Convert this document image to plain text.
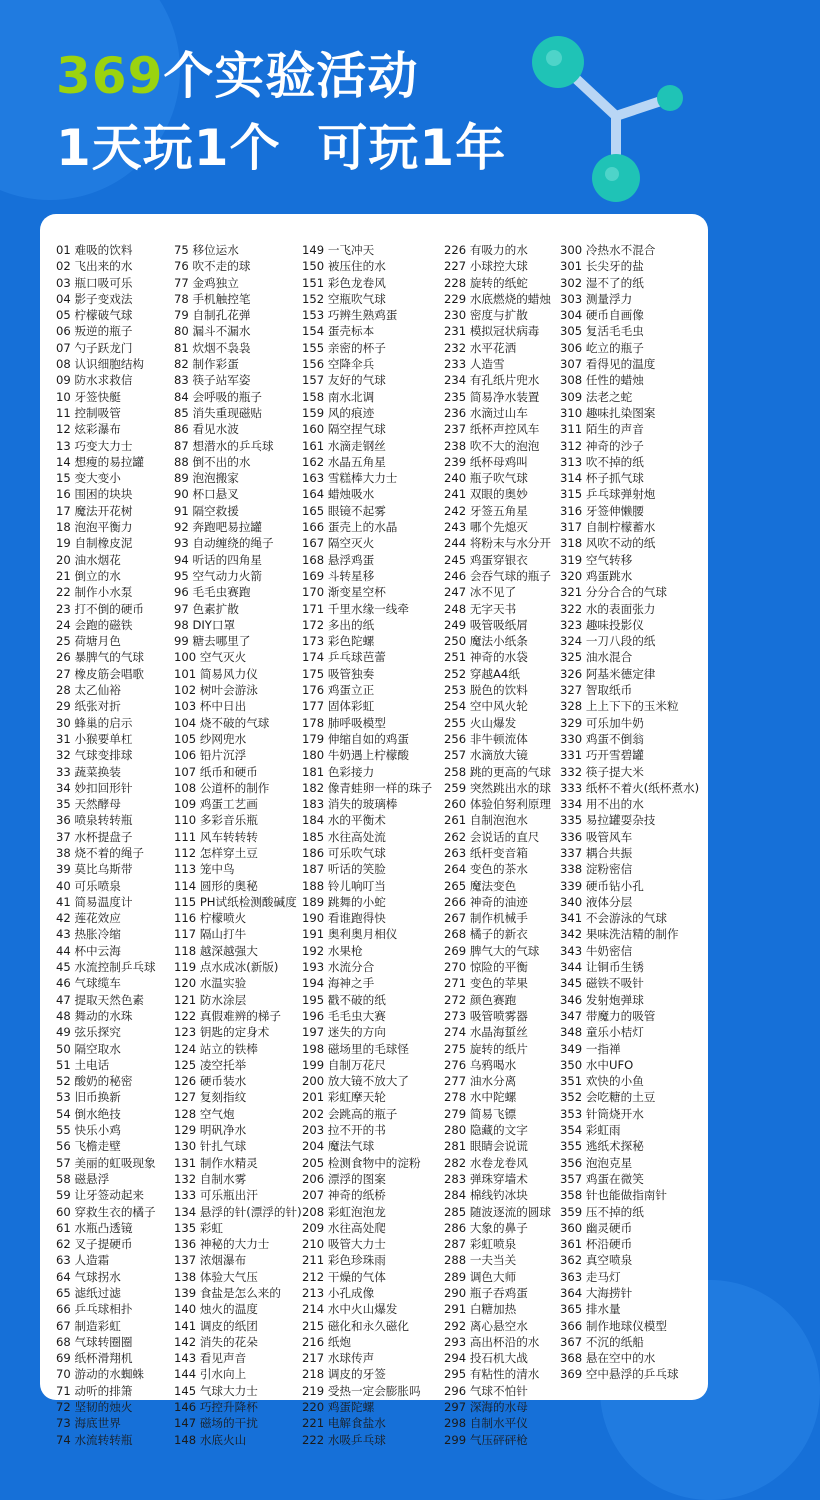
369个实验活动
1天玩1个 可玩1年
01 难吸的饮料
02 飞出来的水
03 瓶口吸可乐
04 影子变戏法
05 柠檬破气球
06 叛逆的瓶子
07 勺子跃龙门
08 认识细胞结构
09 防水求救信
10 牙签快艇
11 控制吸管
12 炫彩瀑布
13 巧变大力士
14 想瘦的易拉罐
15 变大变小
16 围困的块块
17 魔法开花树
18 泡泡平衡力
19 自制橡皮泥
20 油水烟花
21 倒立的水
22 制作小水泵
23 打不倒的硬币
24 会跑的磁铁
25 荷塘月色
26 暴脾气的气球
27 橡皮筋会唱歌
28 太乙仙裕
29 纸张对折
30 蜂巢的启示
31 小猴要单杠
32 气球变排球
33 蔬菜换装
34 妙扣回形针
35 天然酵母
36 喷泉转转瓶
37 水杯提盘子
38 烧不着的绳子
39 莫比乌斯带
40 可乐喷泉
41 简易温度计
42 莲花效应
43 热胀冷缩
44 杯中云海
45 水流控制乒乓球
46 气球缆车
47 提取天然色素
48 舞动的水珠
49 弦乐探究
50 隔空取水
51 土电话
52 酸奶的秘密
53 旧币换新
54 倒水绝技
55 快乐小鸡
56 飞檐走壁
57 美丽的虹吸现象
58 磁悬浮
59 让牙签动起来
60 穿救生衣的橘子
61 水瓶凸透镜
62 叉子提硬币
63 人造霜
64 气球拐水
65 滤纸过滤
66 乒乓球相扑
67 制造彩虹
68 气球转圈圈
69 纸杯滑翔机
70 游动的水蜘蛛
71 动听的排箫
72 坚韧的烛火
73 海底世界
74 水流转转瓶
75 移位运水
76 吹不走的球
77 金鸡独立
78 手机触控笔
79 自制孔花弹
80 漏斗不漏水
81 炊烟不袅袅
82 制作彩蛋
83 筷子站军姿
84 会呼吸的瓶子
85 消失重现磁贴
86 看见水波
87 想潜水的乒乓球
88 倒不出的水
89 泡泡搬家
90 杯口悬叉
91 隔空救援
92 奔跑吧易拉罐
93 自动缠绕的绳子
94 听话的四角星
95 空气动力火箭
96 毛毛虫赛跑
97 色素扩散
98 DIY口罩
99 糖去哪里了
100 空气灭火
101 简易风力仪
102 树叶会游泳
103 杯中日出
104 烧不破的气球
105 纱网兜水
106 铅片沉浮
107 纸币和硬币
108 公道杯的制作
109 鸡蛋工艺画
110 多彩音乐瓶
111 风车转转转
112 怎样穿土豆
113 笼中鸟
114 圆形的奥秘
115 PH试纸检测酸碱度
116 柠檬喷火
117 隔山打牛
118 越深越强大
119 点水成冰(新版)
120 水温实验
121 防水涂层
122 真假难辨的梯子
123 钥匙的定身术
124 站立的铁棒
125 凌空托举
126 硬币装水
127 复刻指纹
128 空气炮
129 明矾净水
130 针扎气球
131 制作水精灵
132 自制水雾
133 可乐瓶出汗
134 悬浮的针(漂浮的针)
135 彩虹
136 神秘的大力士
137 浓烟瀑布
138 体验大气压
139 食盐是怎么来的
140 烛火的温度
141 调皮的纸团
142 消失的花朵
143 看见声音
144 引水向上
145 气球大力士
146 巧控升降杯
147 磁场的干扰
148 水底火山
149 一飞冲天
150 被压住的水
151 彩色龙卷风
152 空瓶吹气球
153 巧辨生熟鸡蛋
154 蛋壳标本
155 亲密的杯子
156 空降伞兵
157 友好的气球
158 南水北调
159 风的痕迹
160 隔空捏气球
161 水滴走钢丝
162 水晶五角星
163 雪糕棒大力士
164 蜡烛吸水
165 眼镜不起雾
166 蛋壳上的水晶
167 隔空灭火
168 悬浮鸡蛋
169 斗转星移
170 渐变星空杯
171 千里水缘一线牵
172 多出的纸
173 彩色陀螺
174 乒乓球芭蕾
175 吸管独奏
176 鸡蛋立正
177 固体彩虹
178 肺呼吸模型
179 伸缩自如的鸡蛋
180 牛奶遇上柠檬酸
181 色彩接力
182 像青蛙卵一样的珠子
183 消失的玻璃棒
184 水的平衡术
185 水往高处流
186 可乐吹气球
187 听话的笑脸
188 铃儿响叮当
189 跳舞的小蛇
190 看谁跑得快
191 奥利奥月相仪
192 水果枪
193 水流分合
194 海神之手
195 戳不破的纸
196 毛毛虫大赛
197 迷失的方向
198 磁场里的毛球怪
199 自制万花尺
200 放大镜不放大了
201 彩虹摩天轮
202 会跳高的瓶子
203 拉不开的书
204 魔法气球
205 检测食物中的淀粉
206 漂浮的图案
207 神奇的纸桥
208 彩虹泡泡龙
209 水往高处爬
210 吸管大力士
211 彩色珍珠雨
212 干燥的气体
213 小孔成像
214 水中火山爆发
215 磁化和永久磁化
216 纸炮
217 水球传声
218 调皮的牙签
219 受热一定会膨胀吗
220 鸡蛋陀螺
221 电解食盐水
222 水吸乒乓球
226 有吸力的水
227 小球控大球
228 旋转的纸蛇
229 水底燃烧的蜡烛
230 密度与扩散
231 模拟冠状病毒
232 水平花洒
233 人造雪
234 有孔纸片兜水
235 简易净水装置
236 水滴过山车
237 纸杯声控风车
238 吹不大的泡泡
239 纸杯母鸡叫
240 瓶子吹气球
241 双眼的奥妙
242 牙签五角星
243 哪个先熄灭
244 将粉末与水分开
245 鸡蛋穿银衣
246 会吞气球的瓶子
247 冰不见了
248 无字天书
249 吸管吸纸屑
250 魔法小纸条
251 神奇的水袋
252 穿越A4纸
253 脱色的饮料
254 空中风火轮
255 火山爆发
256 非牛顿流体
257 水滴放大镜
258 跳的更高的气球
259 突然跳出水的球
260 体验伯努利原理
261 自制泡泡水
262 会说话的直尺
263 纸杆变音箱
264 变色的茶水
265 魔法变色
266 神奇的油迹
267 制作机械手
268 橘子的新衣
269 脾气大的气球
270 惊险的平衡
271 变色的苹果
272 颜色赛跑
273 吸管喷雾器
274 水晶海蜇丝
275 旋转的纸片
276 乌鸦喝水
277 油水分离
278 水中陀螺
279 简易飞镖
280 隐藏的文字
281 眼睛会说谎
282 水卷龙卷风
283 弹珠穿墙术
284 棉线钓冰块
285 随波逐流的圆球
286 大象的鼻子
287 彩虹喷泉
288 一夫当关
289 调色大师
290 瓶子吞鸡蛋
291 白糖加热
292 离心悬空水
293 高出杯沿的水
294 投石机大战
295 有粘性的清水
296 气球不怕针
297 深海的水母
298 自制水平仪
299 气压砰砰枪
300 冷热水不混合
301 长尖牙的盐
302 湿不了的纸
303 测量浮力
304 硬币自画像
305 复活毛毛虫
306 屹立的瓶子
307 看得见的温度
308 任性的蜡烛
309 法老之蛇
310 趣味扎染图案
311 陌生的声音
312 神奇的沙子
313 吹不掉的纸
314 杯子抓气球
315 乒乓球弹射炮
316 牙签伸懒腰
317 自制柠檬蓄水
318 风吹不动的纸
319 空气转移
320 鸡蛋跳水
321 分分合合的气球
322 水的表面张力
323 趣味投影仪
324 一刀八段的纸
325 油水混合
326 阿基米德定律
327 智取纸币
328 上上下下的玉米粒
329 可乐加牛奶
330 鸡蛋不倒翁
331 巧开雪碧罐
332 筷子提大米
333 纸杯不着火(纸杯煮水)
334 用不出的水
335 易拉罐耍杂技
336 吸管风车
337 耦合共振
338 淀粉密信
339 硬币钻小孔
340 液体分层
341 不会游泳的气球
342 果味洗洁精的制作
343 牛奶密信
344 让铜币生锈
345 磁铁不吸针
346 发射炮弹球
347 带魔力的吸管
348 童乐小桔灯
349 一指禅
350 水中UFO
351 欢快的小鱼
352 会吃糖的土豆
353 针筒烧开水
354 彩虹雨
355 逃纸术探秘
356 泡泡克星
357 鸡蛋在微笑
358 针也能做指南针
359 压不掉的纸
360 幽灵硬币
361 杯沿硬币
362 真空喷泉
363 走马灯
364 大海捞针
365 排水量
366 制作地球仪模型
367 不沉的纸船
368 悬在空中的水
369 空中悬浮的乒乓球
